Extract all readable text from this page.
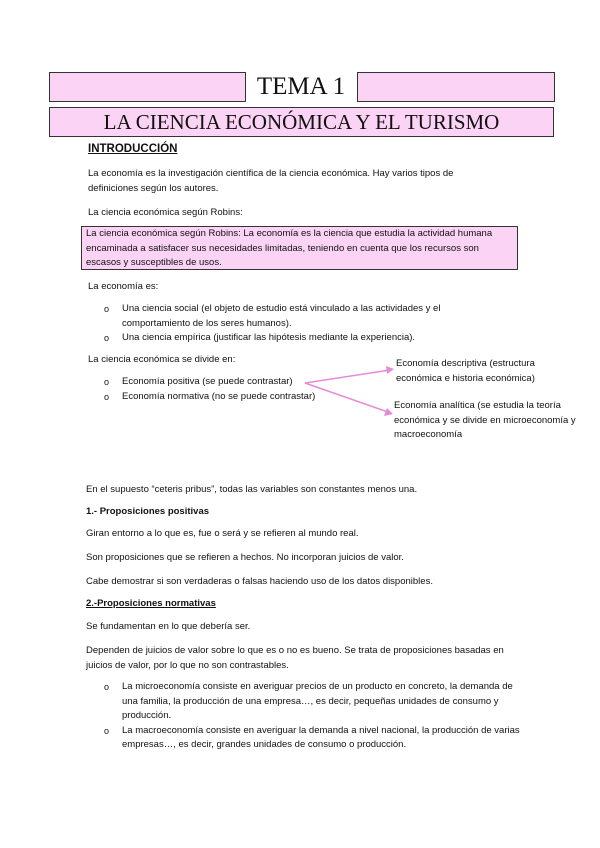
TEMA 1
LA CIENCIA ECONÓMICA Y EL TURISMO
INTRODUCCIÓN
La economía es la investigación científica de la ciencia económica. Hay varios tipos de definiciones según los autores.
La ciencia económica según Robins:
La ciencia económica según Robins: La economía es la ciencia que estudia la actividad humana encaminada a satisfacer sus necesidades limitadas, teniendo en cuenta que los recursos son escasos y susceptibles de usos.
La economía es:
o Una ciencia social (el objeto de estudio está vinculado a las actividades y el comportamiento de los seres humanos).
o Una ciencia empírica (justificar las hipótesis mediante la experiencia).
La ciencia económica se divide en:
o Economía positiva (se puede contrastar)
o Economía normativa (no se puede contrastar)
Economía descriptiva (estructura económica e historia económica)
Economía analítica (se estudia la teoría económica y se divide en microeconomía y macroeconomía
En el supuesto “ceteris pribus”, todas las variables son constantes menos una.
1.- Proposiciones positivas
Giran entorno a lo que es, fue o será y se refieren al mundo real.
Son proposiciones que se refieren a hechos. No incorporan juicios de valor.
Cabe demostrar si son verdaderas o falsas haciendo uso de los datos disponibles.
2.-Proposiciones normativas
Se fundamentan en lo que debería ser.
Dependen de juicios de valor sobre lo que es o no es bueno. Se trata de proposiciones basadas en juicios de valor, por lo que no son contrastables.
o La microeconomía consiste en averiguar precios de un producto en concreto, la demanda de una familia, la producción de una empresa…, es decir, pequeñas unidades de consumo y producción.
o La macroeconomía consiste en averiguar la demanda a nivel nacional, la producción de varias empresas…, es decir, grandes unidades de consumo o producción.
